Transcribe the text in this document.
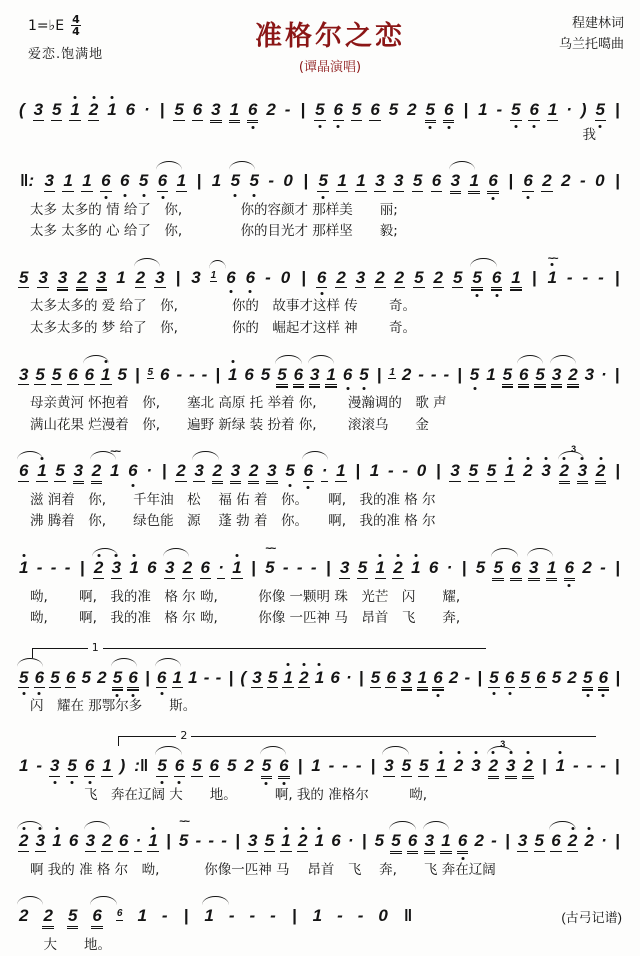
1=♭E $\frac{4}{4}$
爱恋.饱满地
准格尔之恋
(谭晶演唱)
程建林词
乌兰托噶曲
( 3 5 1 2 1 6 · | 5 6 3 1 6 2 - | 5 6 5 6 5 2 5 6 | 1 - 5 6 1 · ) 5 |
我
‖: 3 1 1 6 6 5 6 1 | 1 5 5 - 0 | 5 1 1 3 3 5 6 3 1 6 | 6 2 2 - 0 |
太多 太多的 情 给了　你,　　　　 你的容颜才 那样美　　丽;
太多 太多的 心 给了　你,　　　　 你的目光才 那样坚　　毅;
5 3 3 2 3 1 2 3 | 3 1 6 6 - 0 | 6 2 3 2 2 5 2 5 5 6 1 | 1
~~
- - - |
太多太多的 爱 给了　你,　　　　你的　故事才这样 传　　 奇。
太多太多的 梦 给了　你,　　　　你的　崛起才这样 神　　 奇。
3 5 5 6 6 1 5 | 5 6 - - - | 1 6 5 5 6 3 1 6 5 | 1 2 - - - | 5 1 5 6 5 3 2 3 · |
母亲黄河 怀抱着　你,　　塞北 高原 托 举着 你,　　 漫瀚调的　歌 声
满山花果 烂漫着　你,　　遍野 新绿 装 扮着 你,　　 滚滚乌　　金
6 1 5 3 2 1
~~
6 · | 2 3 2 3 2 3 5 6 · 1 | 1 - - 0 | 3 5 5 1 2 3 2
3
3 2 |
滋 润着　你,　　千年油　松　 福 佑 着　你。　　啊,　我的准 格 尔
沸 腾着　你,　　绿色能　源　 蓬 勃 着　你。　　啊,　我的准 格 尔
1 - - - | 2 3 1 6 3 2 6 · 1 | 5
~~
- - - | 3 5 1 2 1 6 · | 5 5 6 3 1 6 2 - |
呦,　　 啊,　我的准　格 尔 呦,　　　你像 一颗明 珠　光芒　闪　　耀,
呦,　　 啊,　我的准　格 尔 呦,　　　你像 一匹神 马　昂首　飞　　奔,
1
5 6 5 6 5 2 5 6 | 6 1 1 - - | ( 3 5 1 2 1 6 · | 5 6 3 1 6 2 - | 5 6 5 6 5 2 5 6 |
闪　耀在 那鄂尔多　　斯。
2
1 - 3 5 6 1 ) :‖ 5 6 5 6 5 2 5 6 | 1 - - - | 3 5 5 1 2 3 2
3
3 2 | 1 - - - |
　　　　飞　奔在辽阔 大　　地。　　　 啊, 我的 准格尔　　　呦,
2 3 1 6 3 2 6 · 1 | 5
~~
- - - | 3 5 1 2 1 6 · | 5 5 6 3 1 6 2 - | 3 5 6 2 2 · |
啊 我的 准 格 尔　呦,　　　 你像一匹神 马　 昂首　飞　 奔,　　飞 奔在辽阔
2 2 5 6 6 1 - | 1 - - - | 1 - - 0 ‖	(古弓记谱)
　大　　地。
